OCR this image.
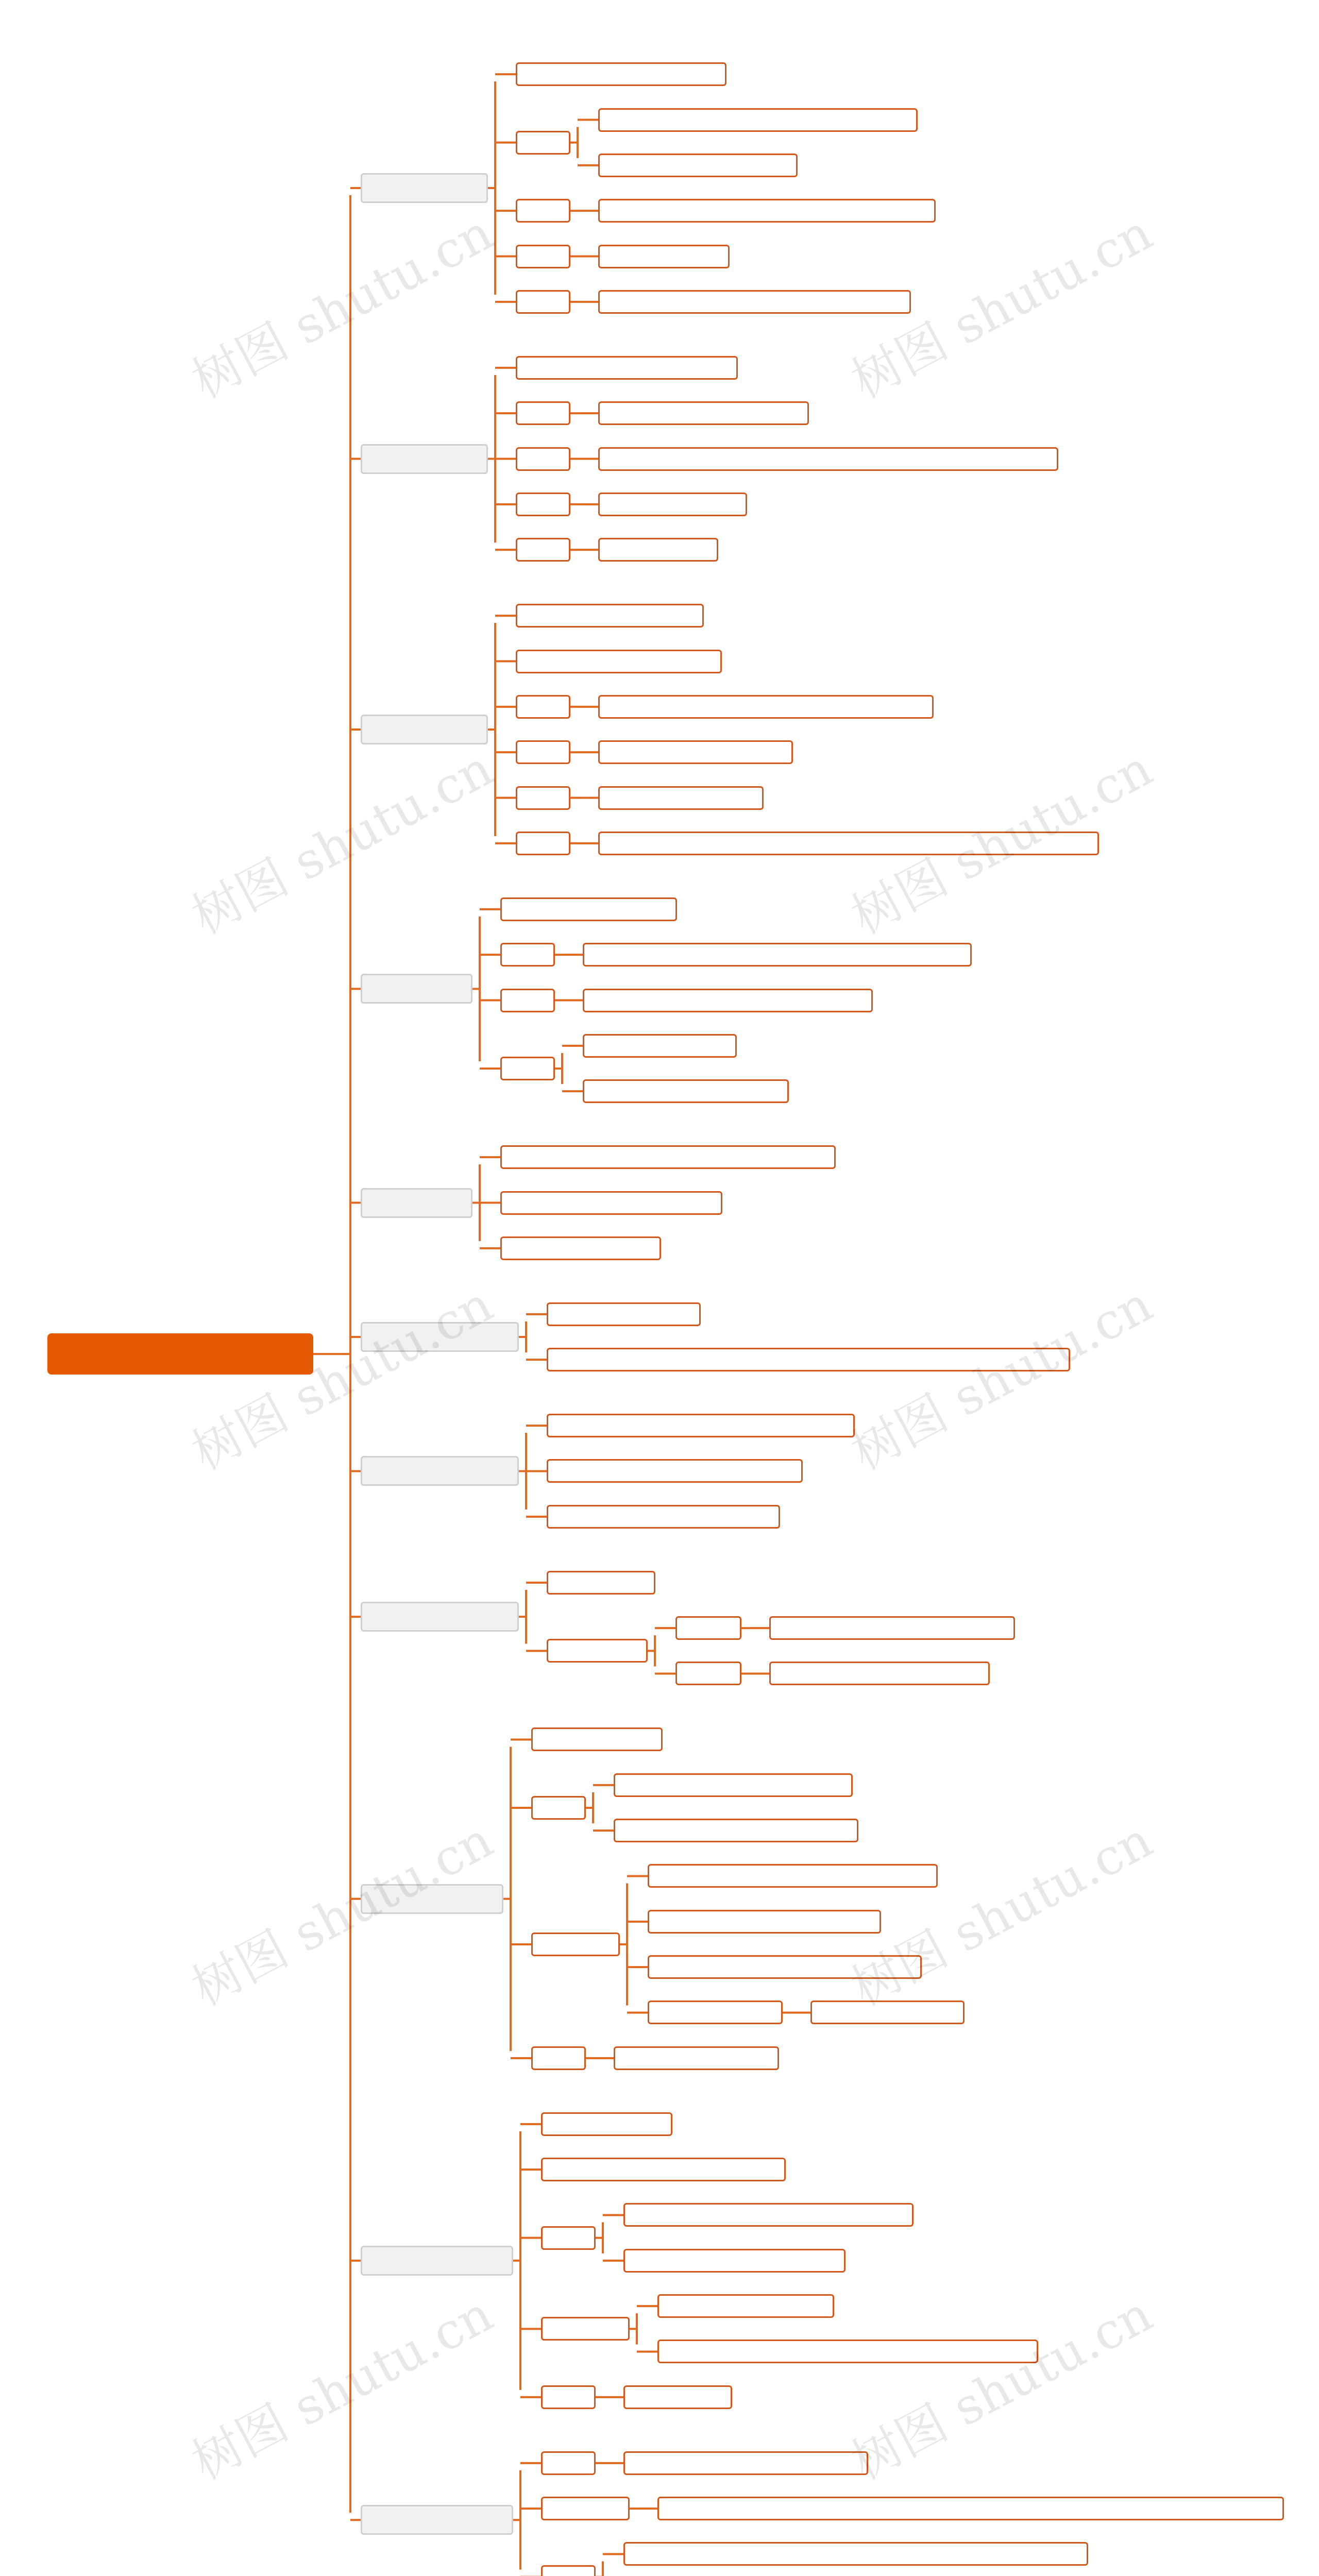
树图 shutu.cn	树图 shutu.cn
树图 shutu.cn	树图 shutu.cn
树图 shutu.cn	树图 shutu.cn
树图 shutu.cn	树图 shutu.cn
树图 shutu.cn	树图 shutu.cn
